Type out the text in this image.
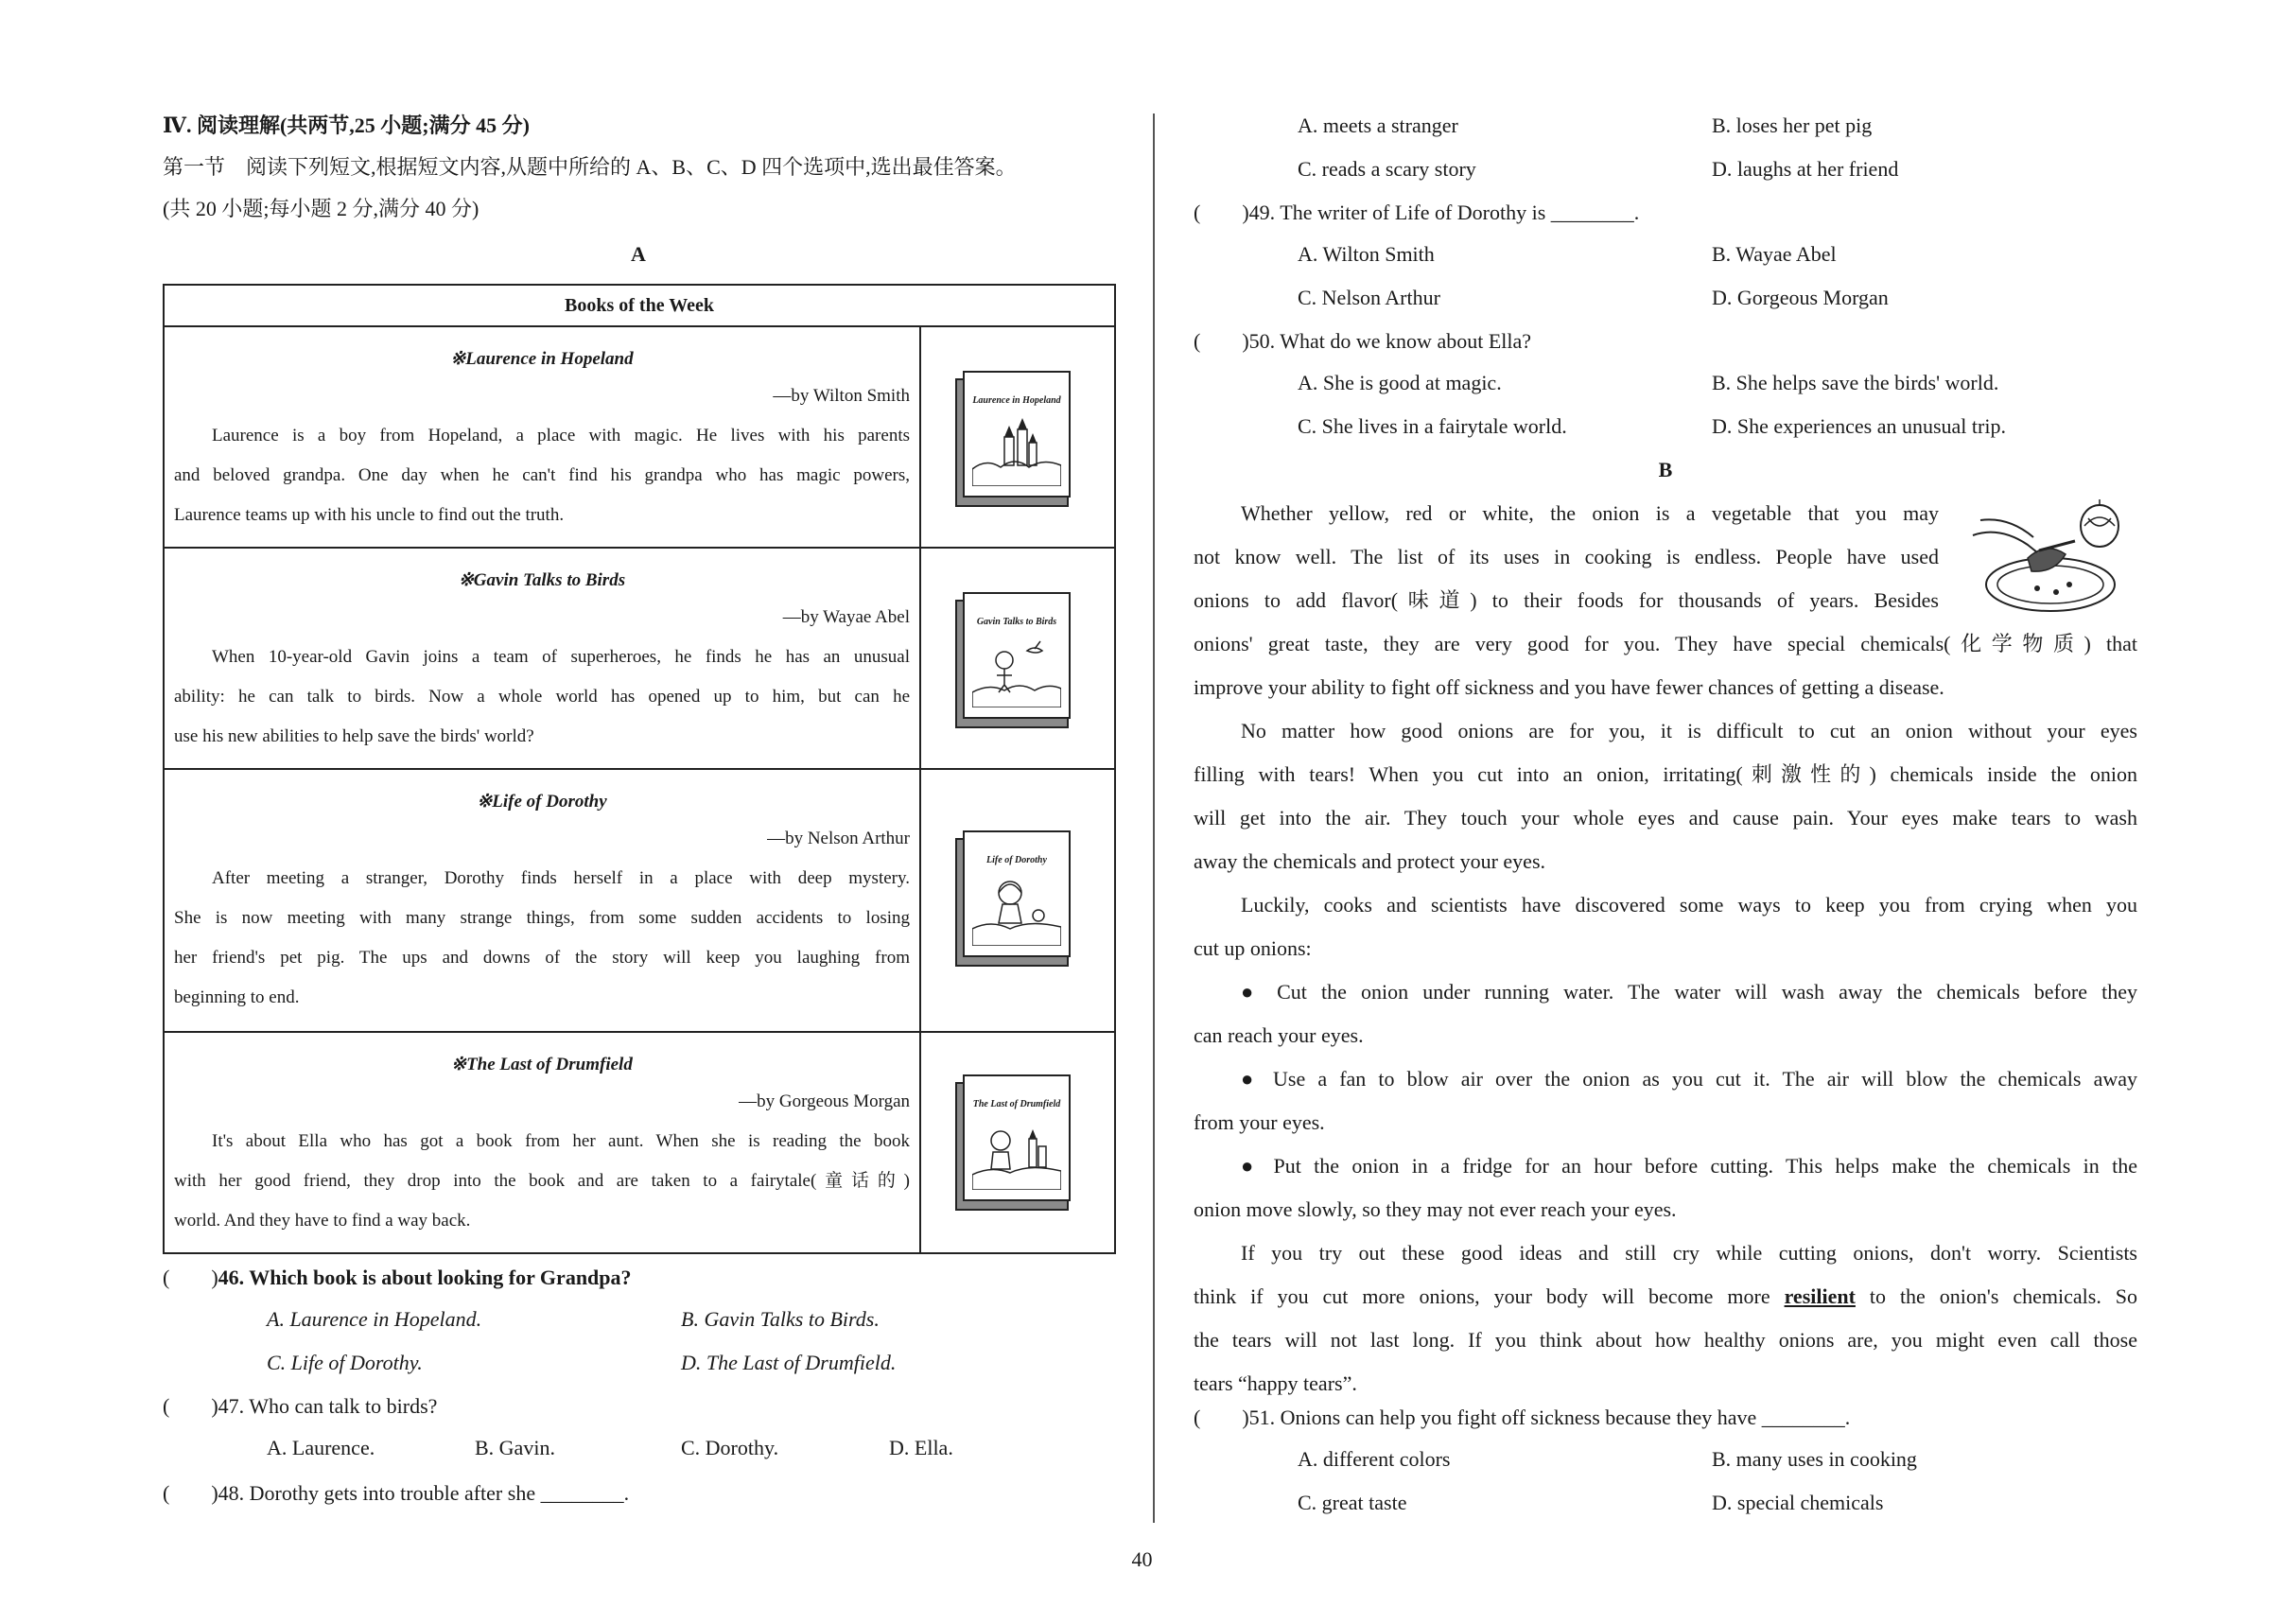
Ⅳ. 阅读理解(共两节,25 小题;满分 45 分)
第一节　阅读下列短文,根据短文内容,从题中所给的 A、B、C、D 四个选项中,选出最佳答案。
(共 20 小题;每小题 2 分,满分 40 分)
A
Books of the Week
※Laurence in Hopeland
—by Wilton Smith
Laurence is a boy from Hopeland, a place with magic. He lives with his parents
and beloved grandpa. One day when he can't find his grandpa who has magic powers,
Laurence teams up with his uncle to find out the truth.
Laurence in Hopeland
※Gavin Talks to Birds
—by Wayae Abel
When 10-year-old Gavin joins a team of superheroes, he finds he has an unusual
ability: he can talk to birds. Now a whole world has opened up to him, but can he
use his new abilities to help save the birds' world?
Gavin Talks to Birds
※Life of Dorothy
—by Nelson Arthur
After meeting a stranger, Dorothy finds herself in a place with deep mystery.
She is now meeting with many strange things, from some sudden accidents to losing
her friend's pet pig. The ups and downs of the story will keep you laughing from
beginning to end.
Life of Dorothy
※The Last of Drumfield
—by Gorgeous Morgan
It's about Ella who has got a book from her aunt. When she is reading the book
with her good friend, they drop into the book and are taken to a fairytale(童话的)
world. And they have to find a way back.
The Last of Drumfield
(　　)46. Which book is about looking for Grandpa?
A. Laurence in Hopeland.	B. Gavin Talks to Birds.
C. Life of Dorothy.	D. The Last of Drumfield.
(　　)47. Who can talk to birds?
A. Laurence.	B. Gavin.	C. Dorothy.	D. Ella.
(　　)48. Dorothy gets into trouble after she ________.
A. meets a stranger	B. loses her pet pig
C. reads a scary story	D. laughs at her friend
(　　)49. The writer of Life of Dorothy is ________.
A. Wilton Smith	B. Wayae Abel
C. Nelson Arthur	D. Gorgeous Morgan
(　　)50. What do we know about Ella?
A. She is good at magic.	B. She helps save the birds' world.
C. She lives in a fairytale world.	D. She experiences an unusual trip.
B
Whether yellow, red or white, the onion is a vegetable that you may
not know well. The list of its uses in cooking is endless. People have used
onions to add flavor(味道) to their foods for thousands of years. Besides
onions' great taste, they are very good for you. They have special chemicals(化学物质) that
improve your ability to fight off sickness and you have fewer chances of getting a disease.
No matter how good onions are for you, it is difficult to cut an onion without your eyes
filling with tears! When you cut into an onion, irritating(刺激性的) chemicals inside the onion
will get into the air. They touch your whole eyes and cause pain. Your eyes make tears to wash
away the chemicals and protect your eyes.
Luckily, cooks and scientists have discovered some ways to keep you from crying when you
cut up onions:
● Cut the onion under running water. The water will wash away the chemicals before they
can reach your eyes.
● Use a fan to blow air over the onion as you cut it. The air will blow the chemicals away
from your eyes.
● Put the onion in a fridge for an hour before cutting. This helps make the chemicals in the
onion move slowly, so they may not ever reach your eyes.
If you try out these good ideas and still cry while cutting onions, don't worry. Scientists
think if you cut more onions, your body will become more resilient to the onion's chemicals. So
the tears will not last long. If you think about how healthy onions are, you might even call those
tears “happy tears”.
(　　)51. Onions can help you fight off sickness because they have ________.
A. different colors	B. many uses in cooking
C. great taste	D. special chemicals
40
